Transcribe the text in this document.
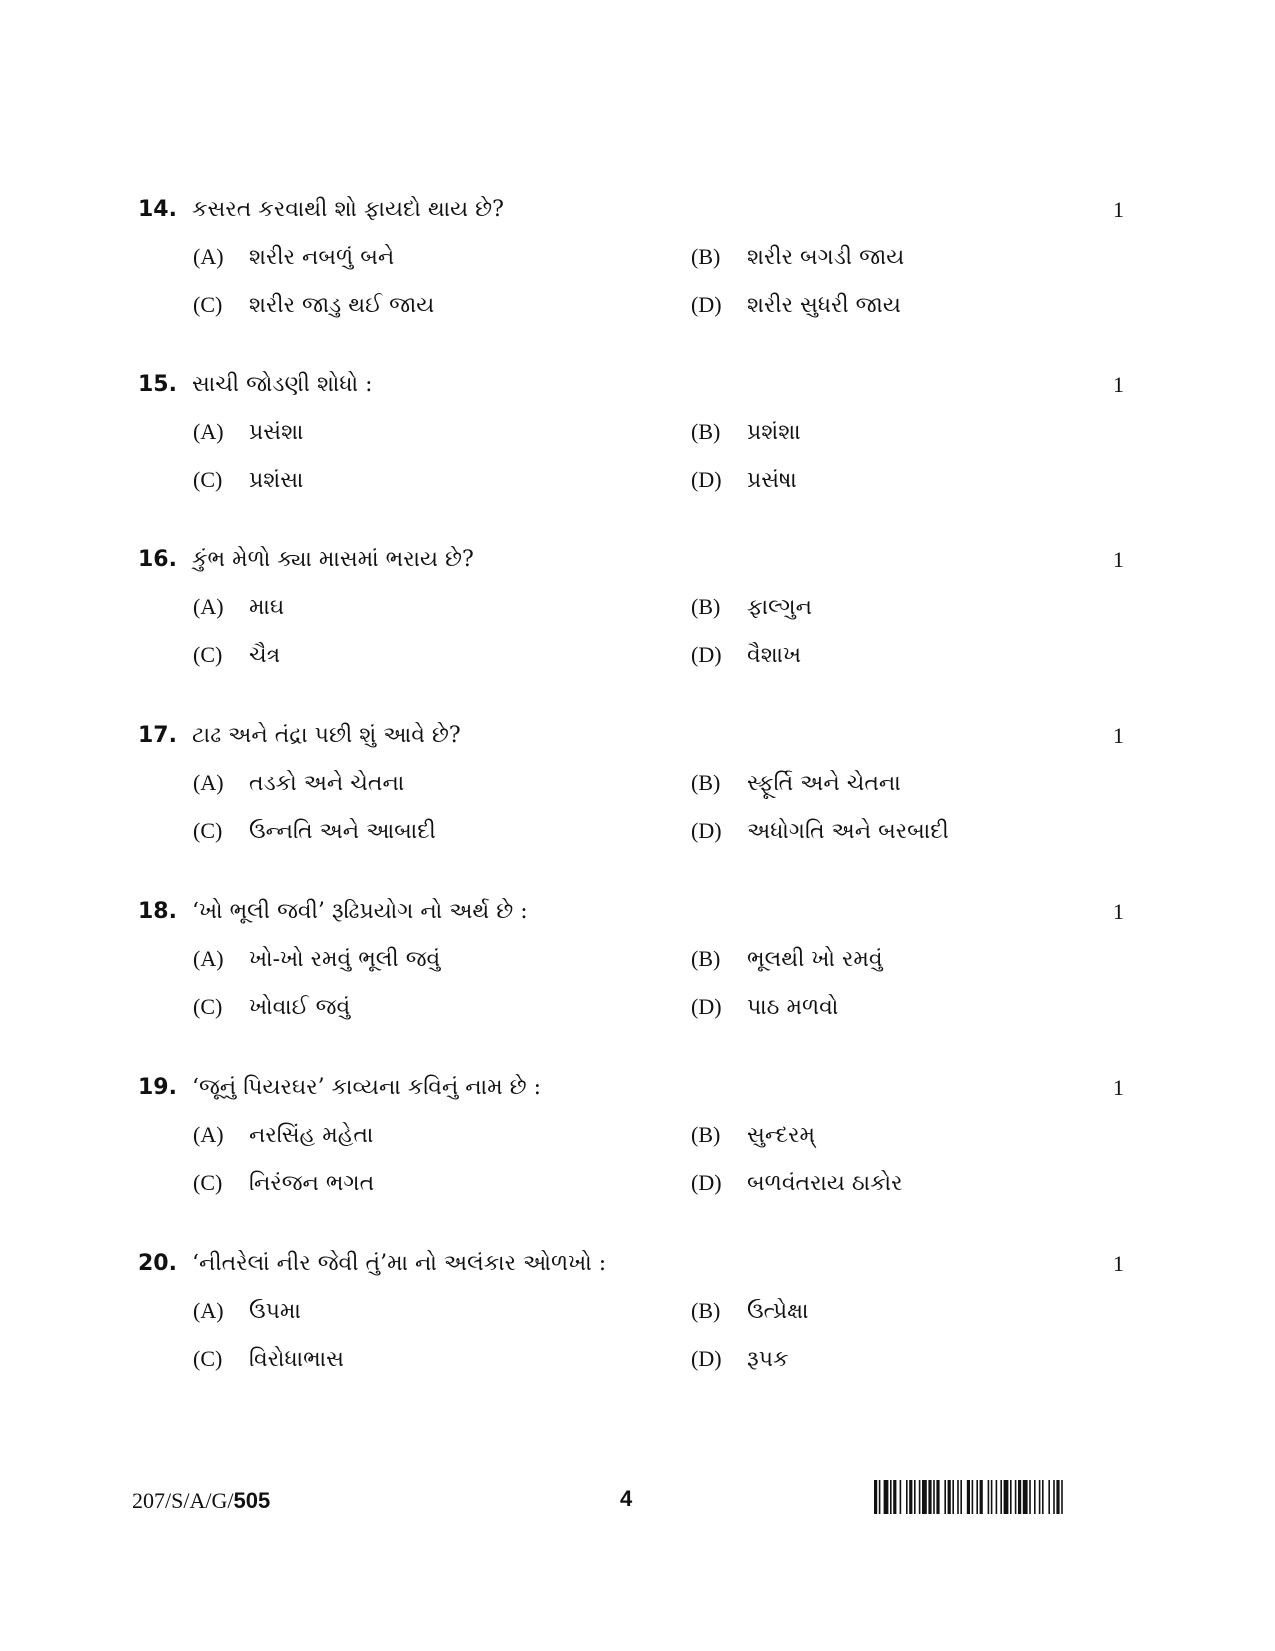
14. કસરત કરવાથી શો ફાયદો થાય છે?	1
(A) શરીર નબળું બને	(B) શરીર બગડી જાય
(C) શરીર જાડુ થઈ જાય	(D) શરીર સુધરી જાય
15. સાચી જોડણી શોધો :	1
(A) પ્રસંશા	(B) પ્રશંશા
(C) પ્રશંસા	(D) પ્રસંષા
16. કુંભ મેળો ક્યા માસમાં ભરાય છે?	1
(A) માઘ	(B) ફાલ્ગુન
(C) ચૈત્ર	(D) વૈશાખ
17. ટાઢ અને તંદ્રા પછી શું આવે છે?	1
(A) તડકો અને ચેતના	(B) સ્ફૂર્તિ અને ચેતના
(C) ઉન્નતિ અને આબાદી	(D) અધોગતિ અને બરબાદી
18. ‘ખો ભૂલી જવી’ રૂઢિપ્રયોગ નો અર્થ છે :	1
(A) ખો-ખો રમવું ભૂલી જવું	(B) ભૂલથી ખો રમવું
(C) ખોવાઈ જવું	(D) પાઠ મળવો
19. ‘જૂનું પિયરઘર’ કાવ્યના કવિનું નામ છે :	1
(A) નરસિંહ મહેતા	(B) સુન્દરમ્
(C) નિરંજન ભગત	(D) બળવંતરાય ઠાકોર
20. ‘નીતરેલાં નીર જેવી તું’મા નો અલંકાર ઓળખો :	1
(A) ઉપમા	(B) ઉત્પ્રેક્ષા
(C) વિરોધાભાસ	(D) રૂપક
207/S/A/G/505	4
